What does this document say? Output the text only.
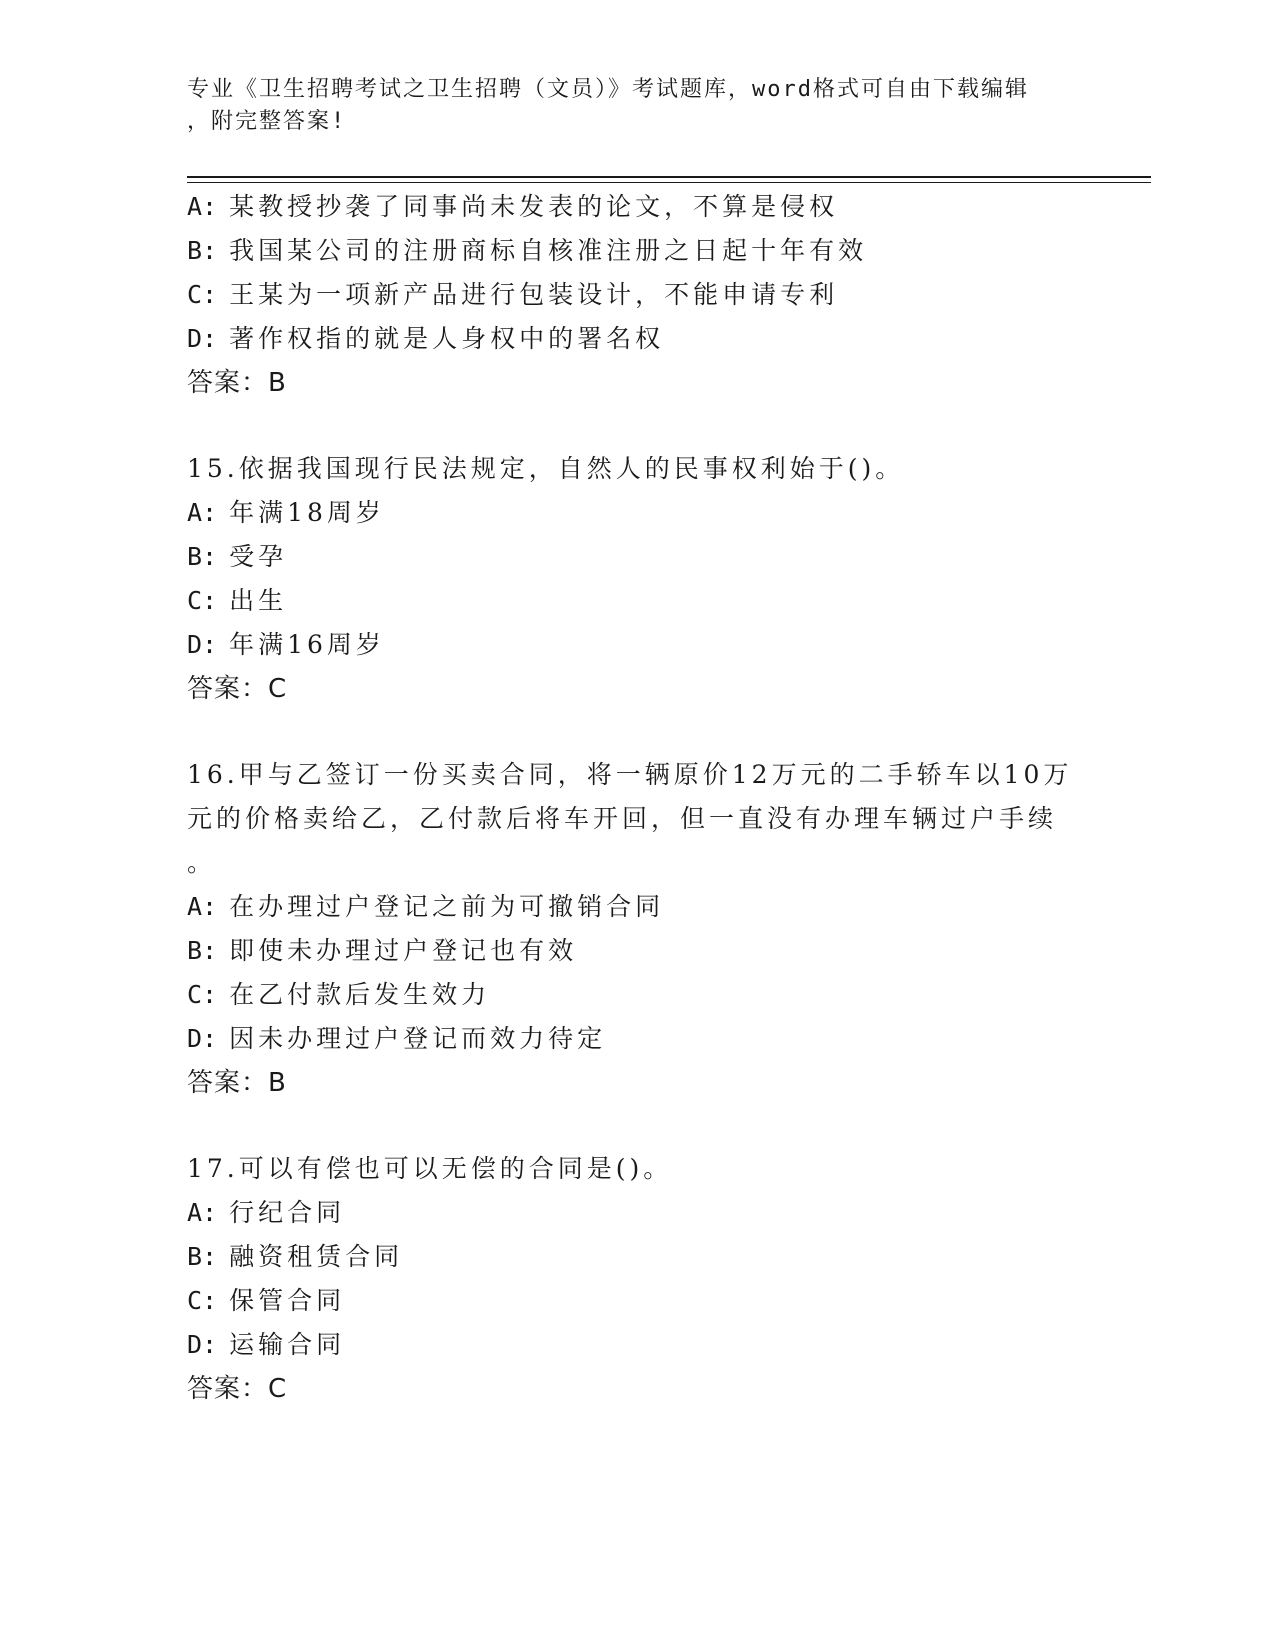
专业《卫生招聘考试之卫生招聘（文员）》考试题库，word格式可自由下载编辑
，附完整答案!
A: 某教授抄袭了同事尚未发表的论文，不算是侵权
B: 我国某公司的注册商标自核准注册之日起十年有效
C: 王某为一项新产品进行包装设计，不能申请专利
D: 著作权指的就是人身权中的署名权
答案：B
15.依据我国现行民法规定，自然人的民事权利始于()。
A: 年满18周岁
B: 受孕
C: 出生
D: 年满16周岁
答案：C
16.甲与乙签订一份买卖合同，将一辆原价12万元的二手轿车以10万
元的价格卖给乙，乙付款后将车开回，但一直没有办理车辆过户手续
。
A: 在办理过户登记之前为可撤销合同
B: 即使未办理过户登记也有效
C: 在乙付款后发生效力
D: 因未办理过户登记而效力待定
答案：B
17.可以有偿也可以无偿的合同是()。
A: 行纪合同
B: 融资租赁合同
C: 保管合同
D: 运输合同
答案：C
